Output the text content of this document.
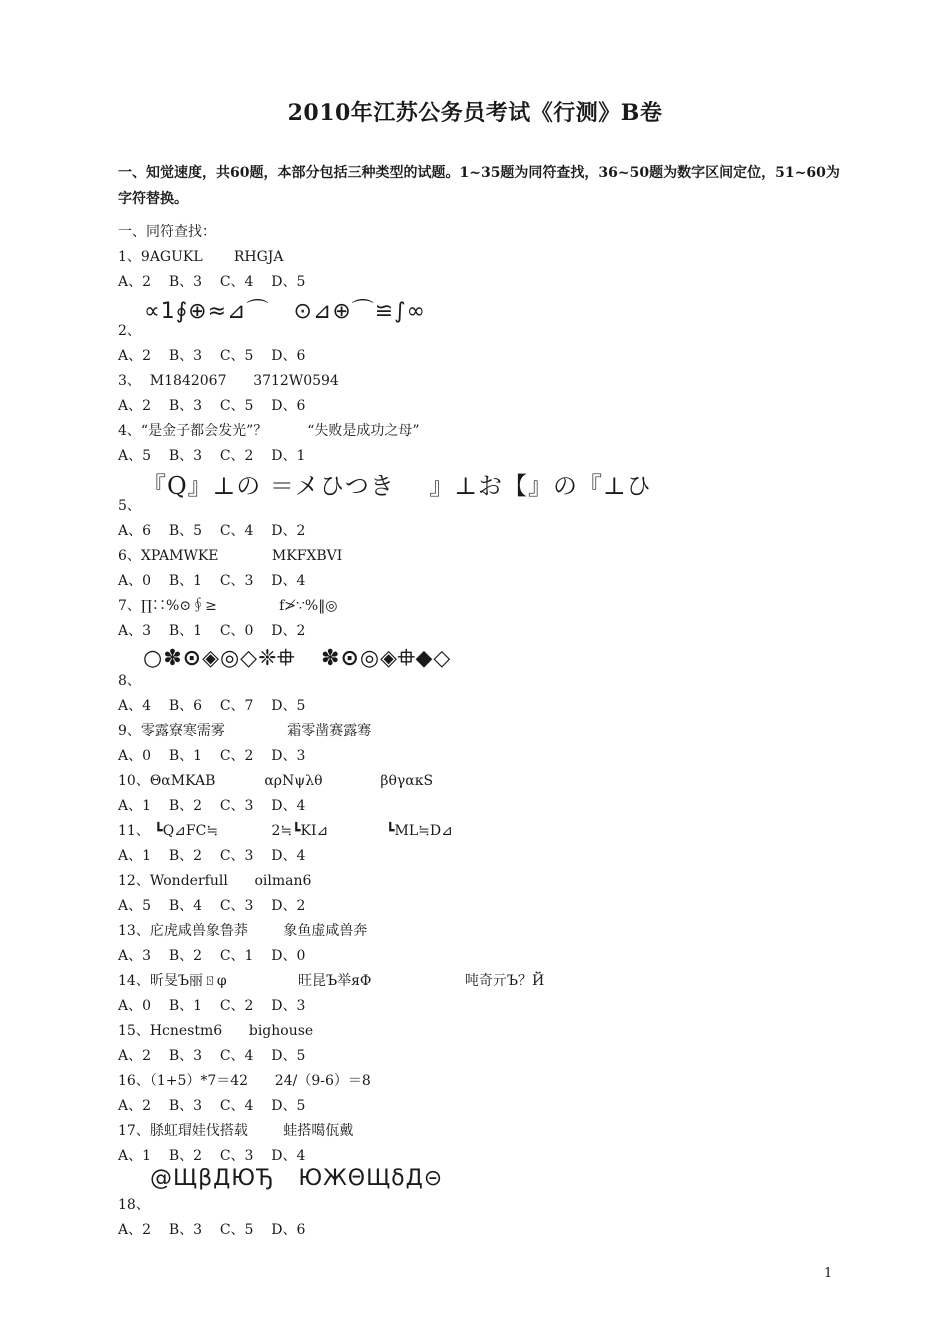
2010年江苏公务员考试《行测》B卷
一、知觉速度，共60题，本部分包括三种类型的试题。1~35题为同符查找，36~50题为数字区间定位，51~60为字符替换。
一、同符查找：
1、9AGUKL       RHGJA
A、2    B、3    C、4    D、5
∝1∮⊕≈⊿⌒   ⊙⊿⊕⌒≌∫∞
2、
A、2    B、3    C、5    D、6
3、  M1842067      3712W0594
A、2    B、3    C、5    D、6
4、“是金子都会发光”？         “失败是成功之母”
A、5    B、3    C、2    D、1
『Q』⊥の ＝メひつき    』⊥お【』の『⊥ひ
5、
A、6    B、5    C、4    D、2
6、XPAMWKE            MKFXBVI
A、0    B、1    C、3    D、4
7、∏∷%⊙∮≥              f≯∵%‖◎
A、3    B、1    C、0    D、2
○✽⊙◈◎◇❈⯐   ✽⊙◎◈⯐◆◇
8、
A、4    B、6    C、7    D、5
9、零露寮寒需雾              霜零凿赛露骞
A、0    B、1    C、2    D、3
10、ΘαMKAB           αρNψλθ             βθγακS
A、1    B、2    C、3    D、4
11、 ┗Q⊿FC≒            2≒┗KI⊿             ┗ML≒D⊿
A、1    B、2    C、3    D、4
12、Wonderfull      oilman6
A、5    B、4    C、3    D、2
13、庀虎咸兽象鲁莽        象鱼虚咸兽奔
A、3    B、2    C、1    D、0
14、昕旻Ъ丽ㄖφ                旺昆Ъ举яΦ                     吨奇亓Ъ？Й
A、0    B、1    C、2    D、3
15、Hcnestm6      bighouse
A、2    B、3    C、4    D、5
16、（1+5）*7＝42      24/（9-6）＝8
A、2    B、3    C、4    D、5
17、脎虹瑁娃伐搭载        蛙搭噶佤戴
A、1    B、2    C、3    D、4
@ЩβДЮЂ   ЮЖΘЩδД⊝
18、
A、2    B、3    C、5    D、6
1
